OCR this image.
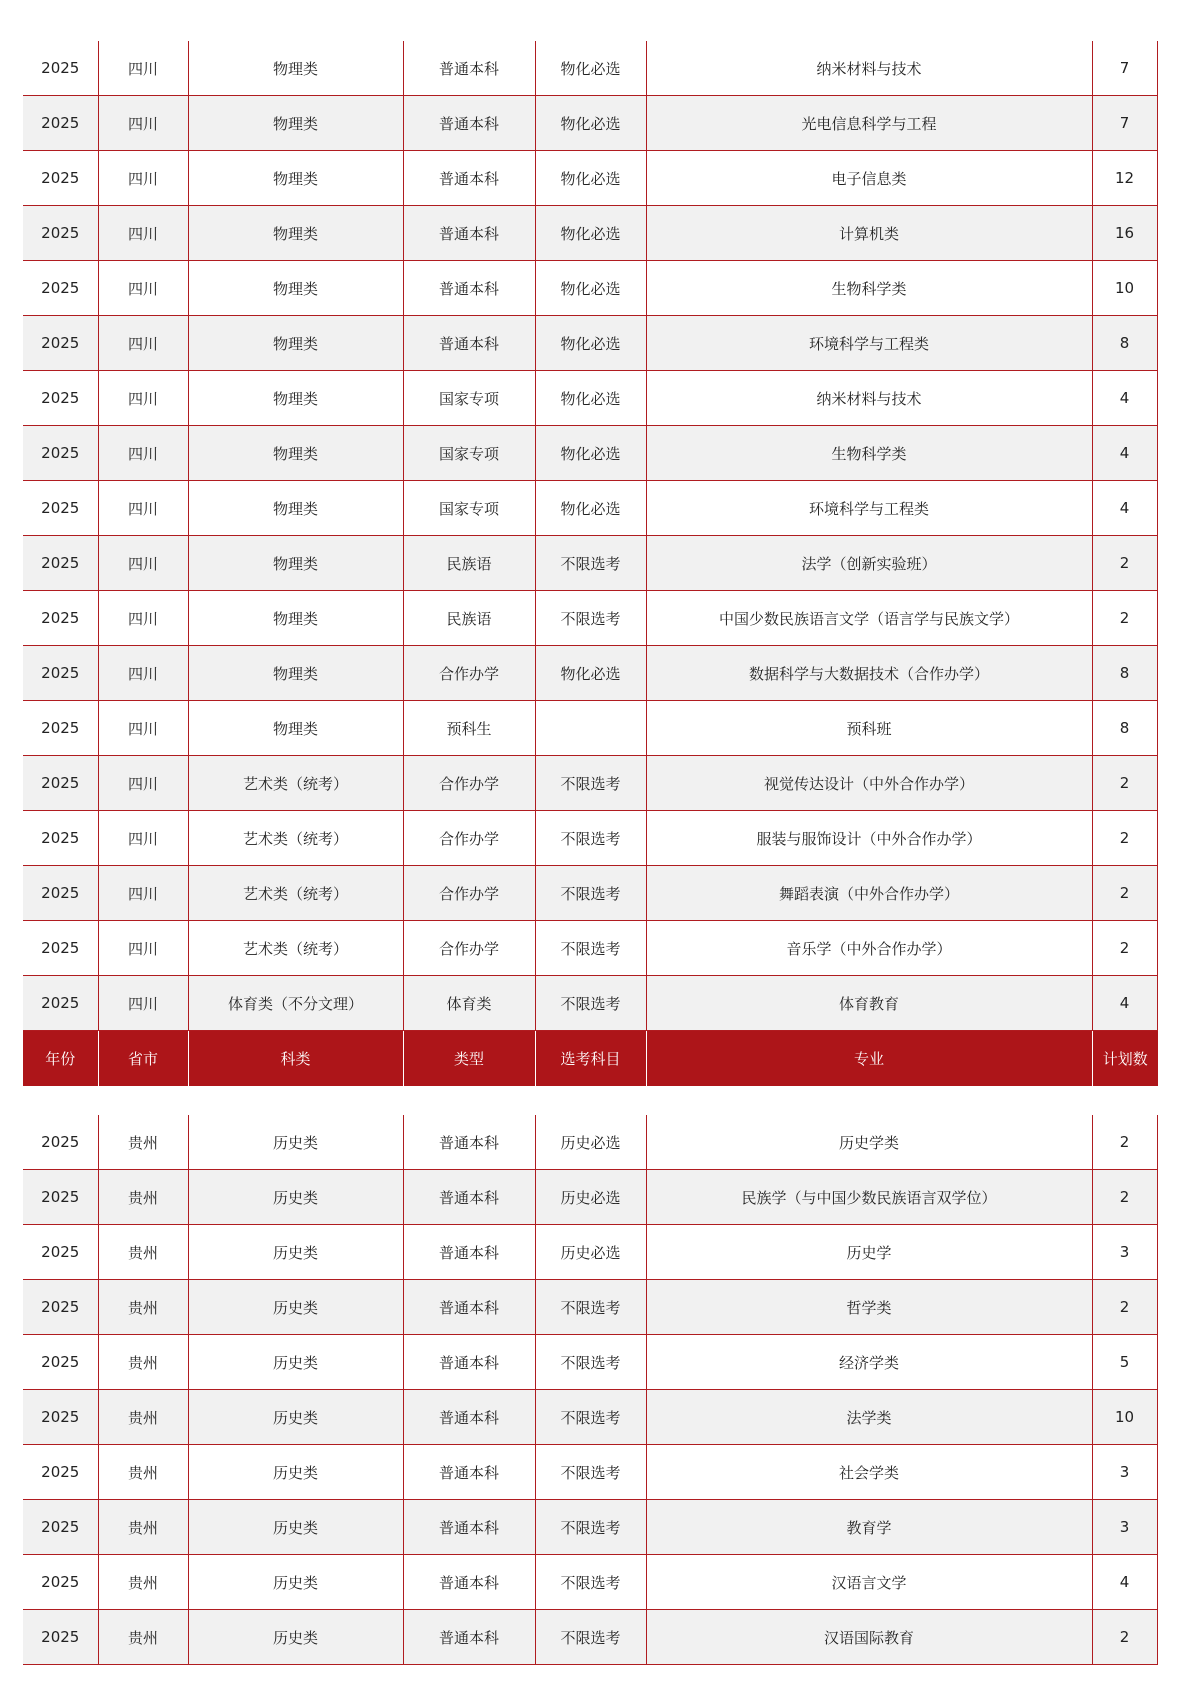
2025	四川	物理类	普通本科	物化必选	纳米材料与技术	7
2025	四川	物理类	普通本科	物化必选	光电信息科学与工程	7
2025	四川	物理类	普通本科	物化必选	电子信息类	12
2025	四川	物理类	普通本科	物化必选	计算机类	16
2025	四川	物理类	普通本科	物化必选	生物科学类	10
2025	四川	物理类	普通本科	物化必选	环境科学与工程类	8
2025	四川	物理类	国家专项	物化必选	纳米材料与技术	4
2025	四川	物理类	国家专项	物化必选	生物科学类	4
2025	四川	物理类	国家专项	物化必选	环境科学与工程类	4
2025	四川	物理类	民族语	不限选考	法学（创新实验班）	2
2025	四川	物理类	民族语	不限选考	中国少数民族语言文学（语言学与民族文学）	2
2025	四川	物理类	合作办学	物化必选	数据科学与大数据技术（合作办学）	8
2025	四川	物理类	预科生		预科班	8
2025	四川	艺术类（统考）	合作办学	不限选考	视觉传达设计（中外合作办学）	2
2025	四川	艺术类（统考）	合作办学	不限选考	服装与服饰设计（中外合作办学）	2
2025	四川	艺术类（统考）	合作办学	不限选考	舞蹈表演（中外合作办学）	2
2025	四川	艺术类（统考）	合作办学	不限选考	音乐学（中外合作办学）	2
2025	四川	体育类（不分文理）	体育类	不限选考	体育教育	4
年份	省市	科类	类型	选考科目	专业	计划数
2025	贵州	历史类	普通本科	历史必选	历史学类	2
2025	贵州	历史类	普通本科	历史必选	民族学（与中国少数民族语言双学位）	2
2025	贵州	历史类	普通本科	历史必选	历史学	3
2025	贵州	历史类	普通本科	不限选考	哲学类	2
2025	贵州	历史类	普通本科	不限选考	经济学类	5
2025	贵州	历史类	普通本科	不限选考	法学类	10
2025	贵州	历史类	普通本科	不限选考	社会学类	3
2025	贵州	历史类	普通本科	不限选考	教育学	3
2025	贵州	历史类	普通本科	不限选考	汉语言文学	4
2025	贵州	历史类	普通本科	不限选考	汉语国际教育	2
